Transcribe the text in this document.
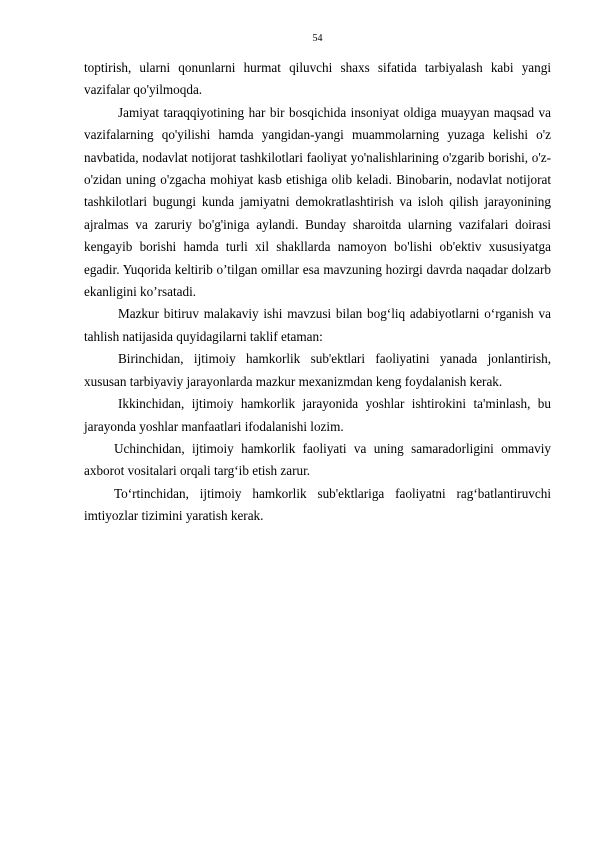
54

toptirish, ularni qonunlarni hurmat qiluvchi shaxs sifatida tarbiyalash kabi yangi vazifalar qo'yilmoqda.

Jamiyat taraqqiyotining har bir bosqichida insoniyat oldiga muayyan maqsad va vazifalarning qo'yilishi hamda yangidan-yangi muammolarning yuzaga kelishi o'z navbatida, nodavlat notijorat tashkilotlari faoliyat yo'nalishlarining o'zgarib borishi, o'z-o'zidan uning o'zgacha mohiyat kasb etishiga olib keladi. Binobarin, nodavlat notijorat tashkilotlari bugungi kunda jamiyatni demokratlashtirish va isloh qilish jarayonining ajralmas va zaruriy bo'g'iniga aylandi. Bunday sharoitda ularning vazifalari doirasi kengayib borishi hamda turli xil shakllarda namoyon bo'lishi ob'ektiv xususiyatga egadir. Yuqorida keltirib o’tilgan omillar esa mavzuning hozirgi davrda naqadar dolzarb ekanligini ko’rsatadi.

Mazkur bitiruv malakaviy ishi mavzusi bilan bog‘liq adabiyotlarni o‘rganish va tahlish natijasida quyidagilarni taklif etaman:

Birinchidan, ijtimoiy hamkorlik sub'ektlari faoliyatini yanada jonlantirish, xususan tarbiyaviy jarayonlarda mazkur mexanizmdan keng foydalanish kerak.

Ikkinchidan, ijtimoiy hamkorlik jarayonida yoshlar ishtirokini ta'minlash, bu jarayonda yoshlar manfaatlari ifodalanishi lozim.

Uchinchidan, ijtimoiy hamkorlik faoliyati va uning samaradorligini ommaviy axborot vositalari orqali targ‘ib etish zarur.

To‘rtinchidan, ijtimoiy hamkorlik sub'ektlariga faoliyatni rag‘batlantiruvchi imtiyozlar tizimini yaratish kerak.
